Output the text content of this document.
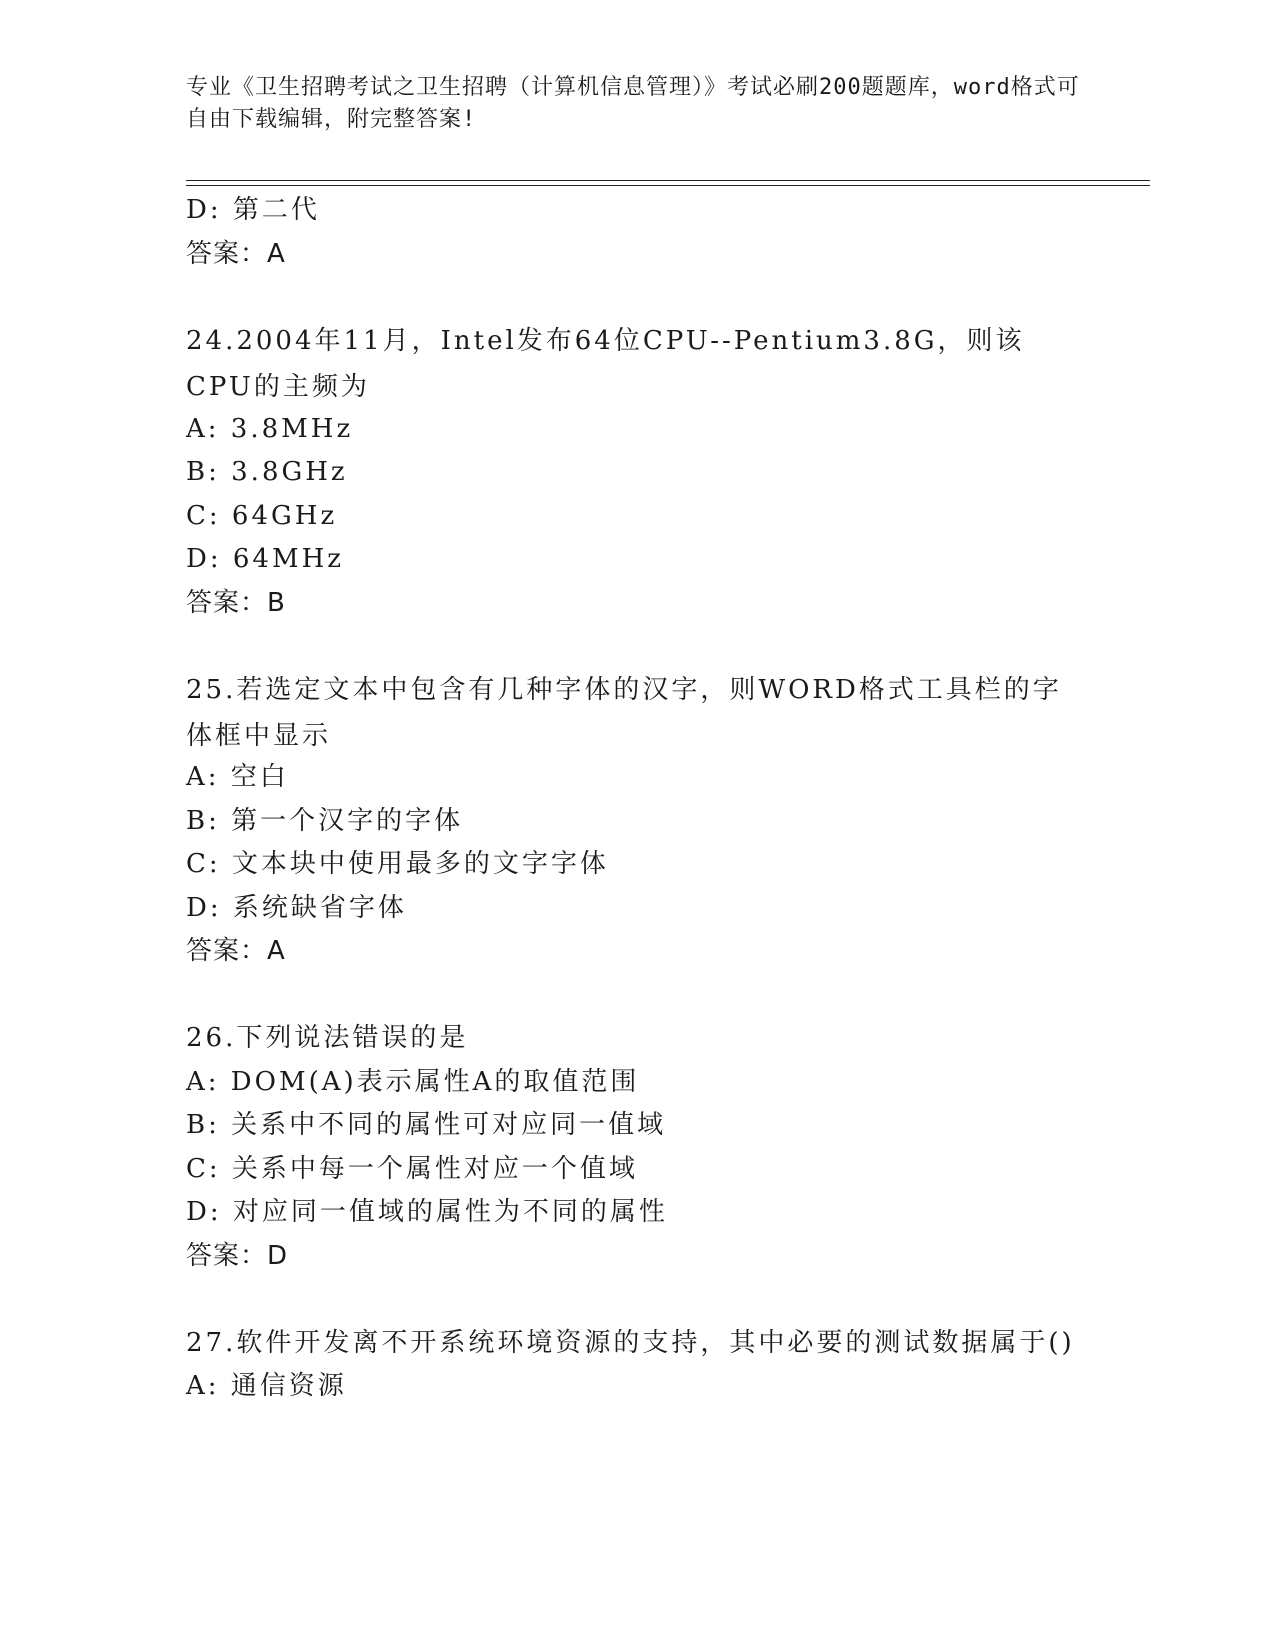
专业《卫生招聘考试之卫生招聘（计算机信息管理）》考试必刷200题题库，word格式可自由下载编辑，附完整答案!

D: 第二代

答案：A

24.2004年11月，Intel发布64位CPU--Pentium3.8G，则该CPU的主频为

A: 3.8MHz

B: 3.8GHz

C: 64GHz

D: 64MHz

答案：B

25.若选定文本中包含有几种字体的汉字，则WORD格式工具栏的字体框中显示

A: 空白

B: 第一个汉字的字体

C: 文本块中使用最多的文字字体

D: 系统缺省字体

答案：A

26.下列说法错误的是

A: DOM(A)表示属性A的取值范围

B: 关系中不同的属性可对应同一值域

C: 关系中每一个属性对应一个值域

D: 对应同一值域的属性为不同的属性

答案：D

27.软件开发离不开系统环境资源的支持，其中必要的测试数据属于()

A: 通信资源
